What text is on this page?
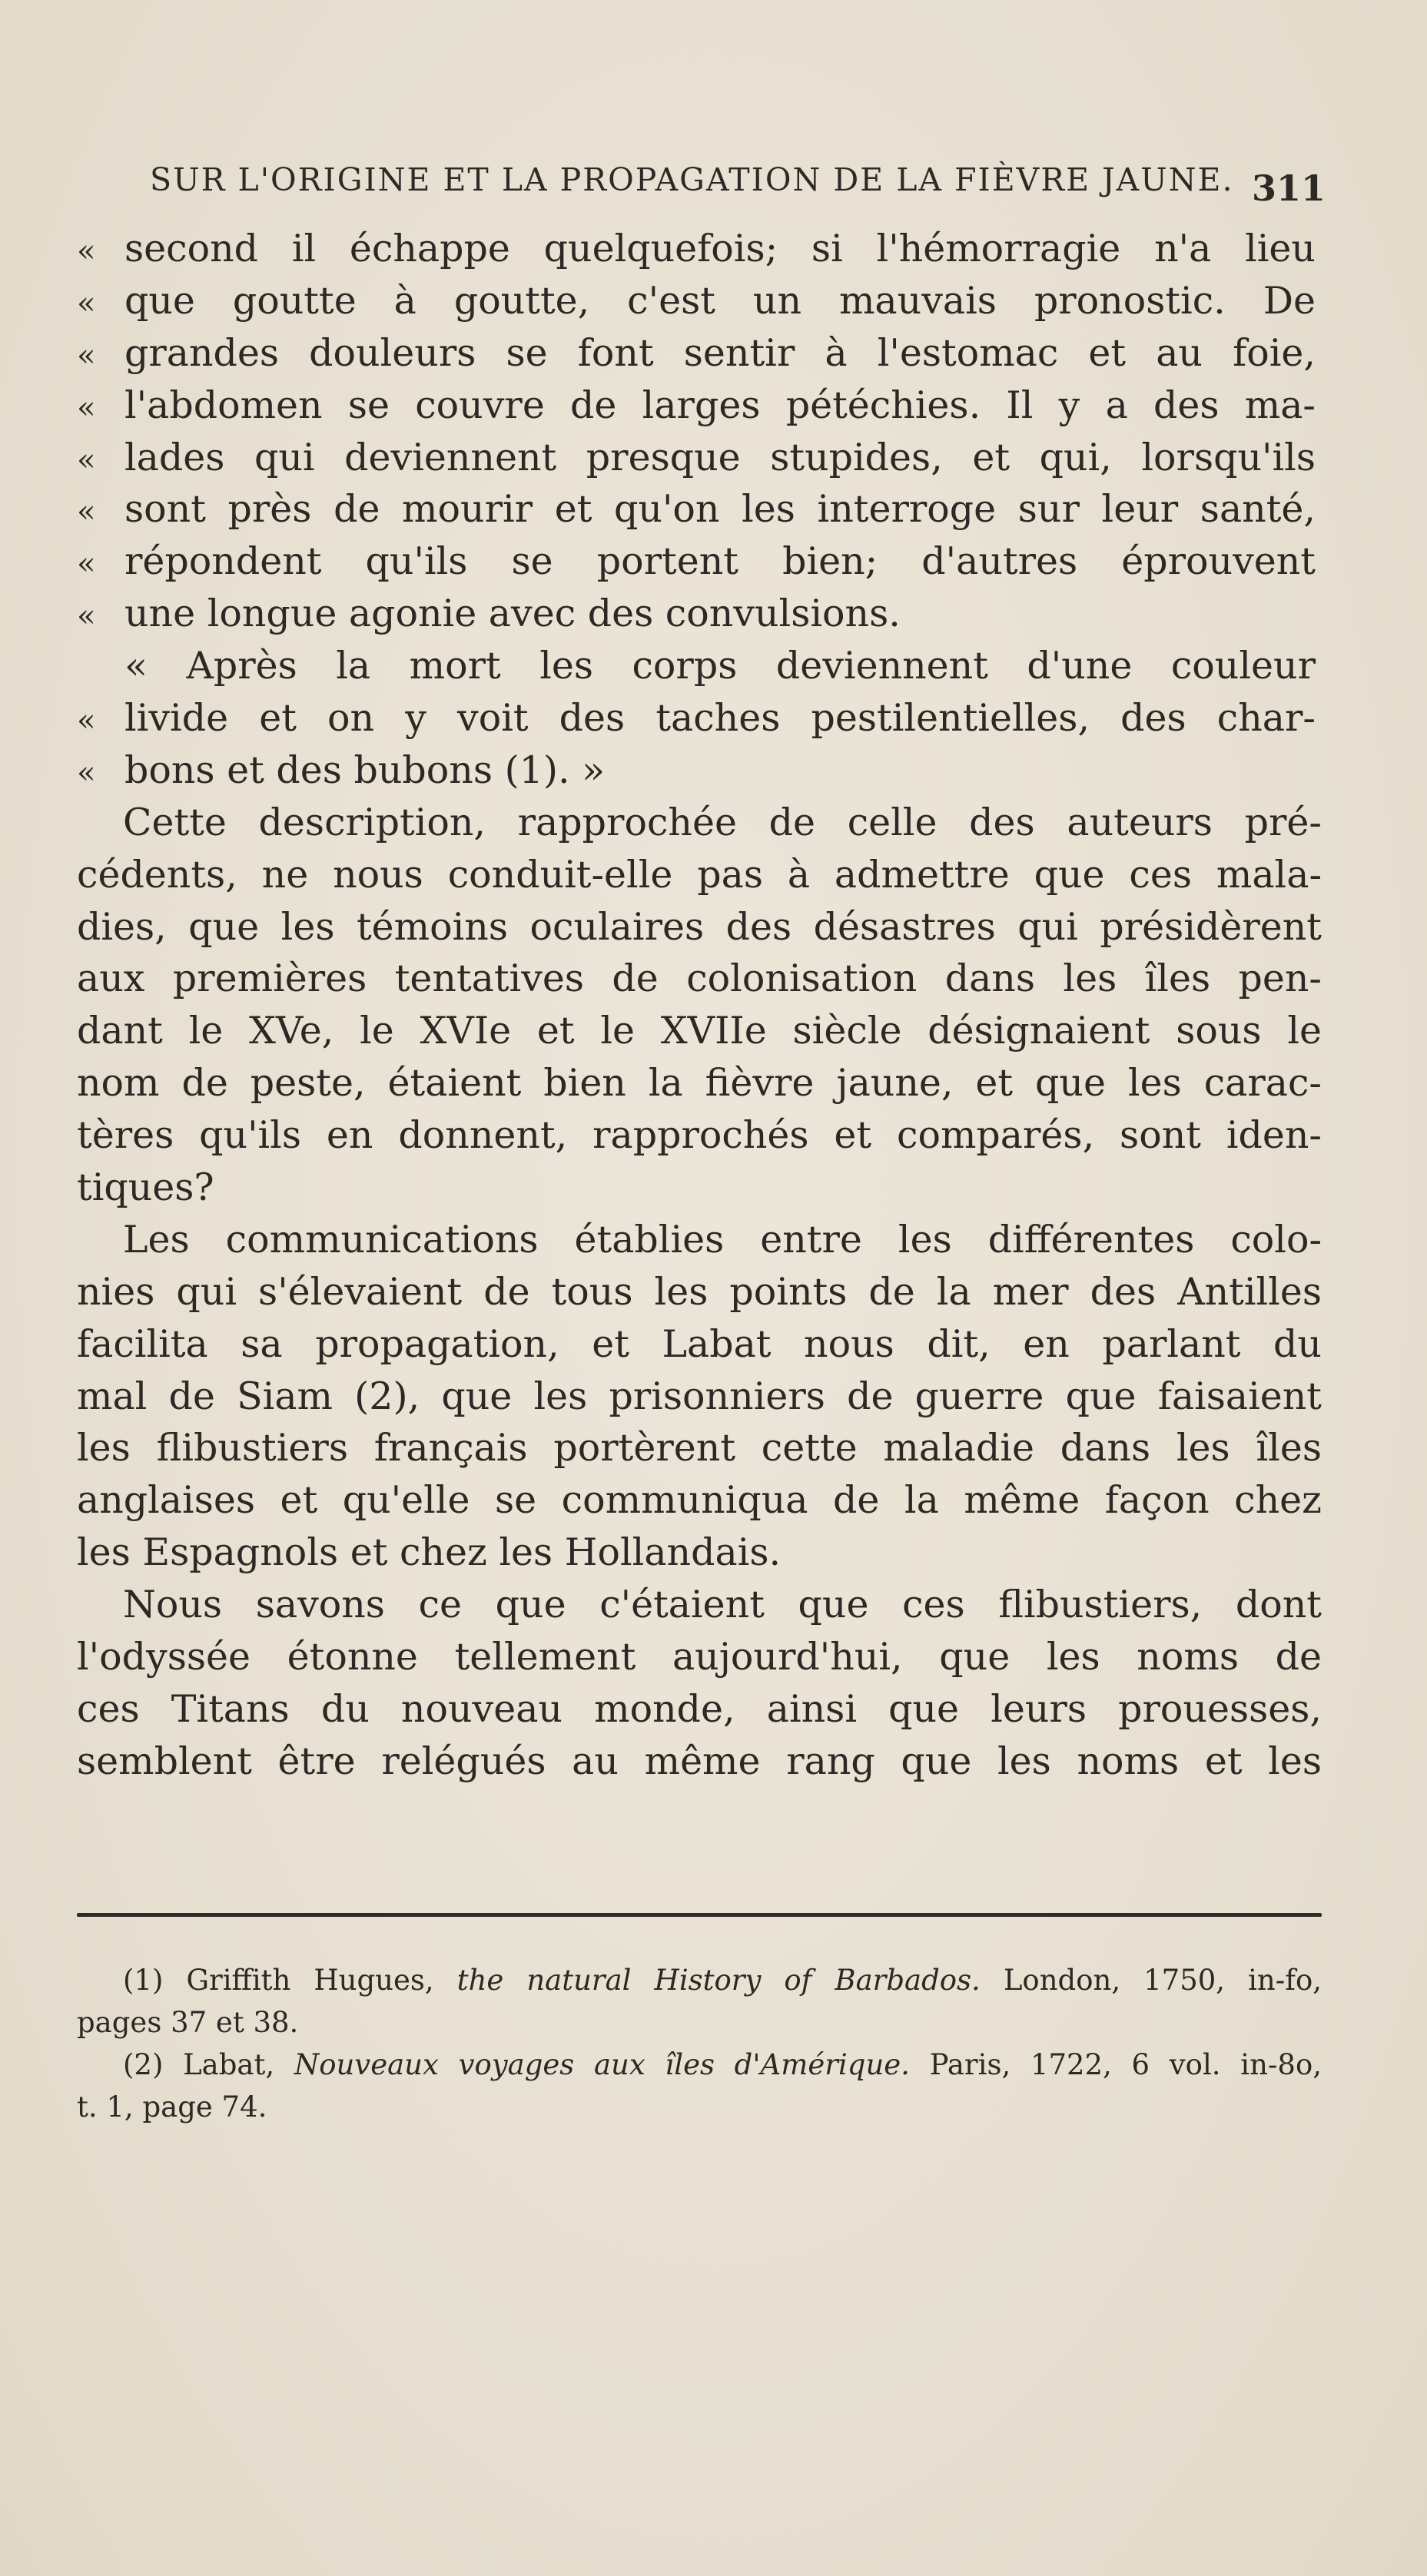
SUR L'ORIGINE ET LA PROPAGATION DE LA FIÈVRE JAUNE. 311
« second il échappe quelquefois; si l'hémorragie n'a lieu
« que goutte à goutte, c'est un mauvais pronostic. De
« grandes douleurs se font sentir à l'estomac et au foie,
« l'abdomen se couvre de larges pétéchies. Il y a des ma-
« lades qui deviennent presque stupides, et qui, lorsqu'ils
« sont près de mourir et qu'on les interroge sur leur santé,
« répondent qu'ils se portent bien; d'autres éprouvent
« une longue agonie avec des convulsions.
« Après la mort les corps deviennent d'une couleur
« livide et on y voit des taches pestilentielles, des char-
« bons et des bubons (1). »
Cette description, rapprochée de celle des auteurs pré-
cédents, ne nous conduit-elle pas à admettre que ces mala-
dies, que les témoins oculaires des désastres qui présidèrent
aux premières tentatives de colonisation dans les îles pen-
dant le XVe, le XVIe et le XVIIe siècle désignaient sous le
nom de peste, étaient bien la fièvre jaune, et que les carac-
tères qu'ils en donnent, rapprochés et comparés, sont iden-
tiques?
Les communications établies entre les différentes colo-
nies qui s'élevaient de tous les points de la mer des Antilles
facilita sa propagation, et Labat nous dit, en parlant du
mal de Siam (2), que les prisonniers de guerre que faisaient
les flibustiers français portèrent cette maladie dans les îles
anglaises et qu'elle se communiqua de la même façon chez
les Espagnols et chez les Hollandais.
Nous savons ce que c'étaient que ces flibustiers, dont
l'odyssée étonne tellement aujourd'hui, que les noms de
ces Titans du nouveau monde, ainsi que leurs prouesses,
semblent être relégués au même rang que les noms et les
(1) Griffith Hugues, the natural History of Barbados. London, 1750, in-fo,
pages 37 et 38.
(2) Labat, Nouveaux voyages aux îles d'Amérique. Paris, 1722, 6 vol. in-8o,
t. 1, page 74.
